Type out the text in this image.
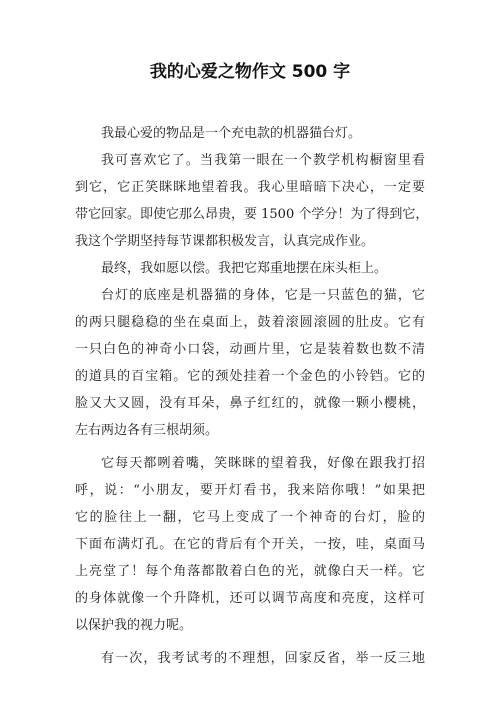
我的心爱之物作文 500 字
我最心爱的物品是一个充电款的机器猫台灯。
我可喜欢它了。当我第一眼在一个教学机构橱窗里看
到它，它正笑眯眯地望着我。我心里暗暗下决心，一定要
带它回家。即使它那么昂贵，要 1500 个学分！为了得到它，
我这个学期坚持每节课都积极发言，认真完成作业。
最终，我如愿以偿。我把它郑重地摆在床头柜上。
台灯的底座是机器猫的身体，它是一只蓝色的猫，它
的两只腿稳稳的坐在桌面上，鼓着滚圆滚圆的肚皮。它有
一只白色的神奇小口袋，动画片里，它是装着数也数不清
的道具的百宝箱。它的颈处挂着一个金色的小铃铛。它的
脸又大又圆，没有耳朵，鼻子红红的，就像一颗小樱桃，
左右两边各有三根胡须。
它每天都咧着嘴，笑眯眯的望着我，好像在跟我打招
呼，说：“小朋友，要开灯看书，我来陪你哦！”如果把
它的脸往上一翻，它马上变成了一个神奇的台灯，脸的
下面布满灯孔。在它的背后有个开关，一按，哇，桌面马
上亮堂了！每个角落都散着白色的光，就像白天一样。它
的身体就像一个升降机，还可以调节高度和亮度，这样可
以保护我的视力呢。
有一次，我考试考的不理想，回家反省，举一反三地
